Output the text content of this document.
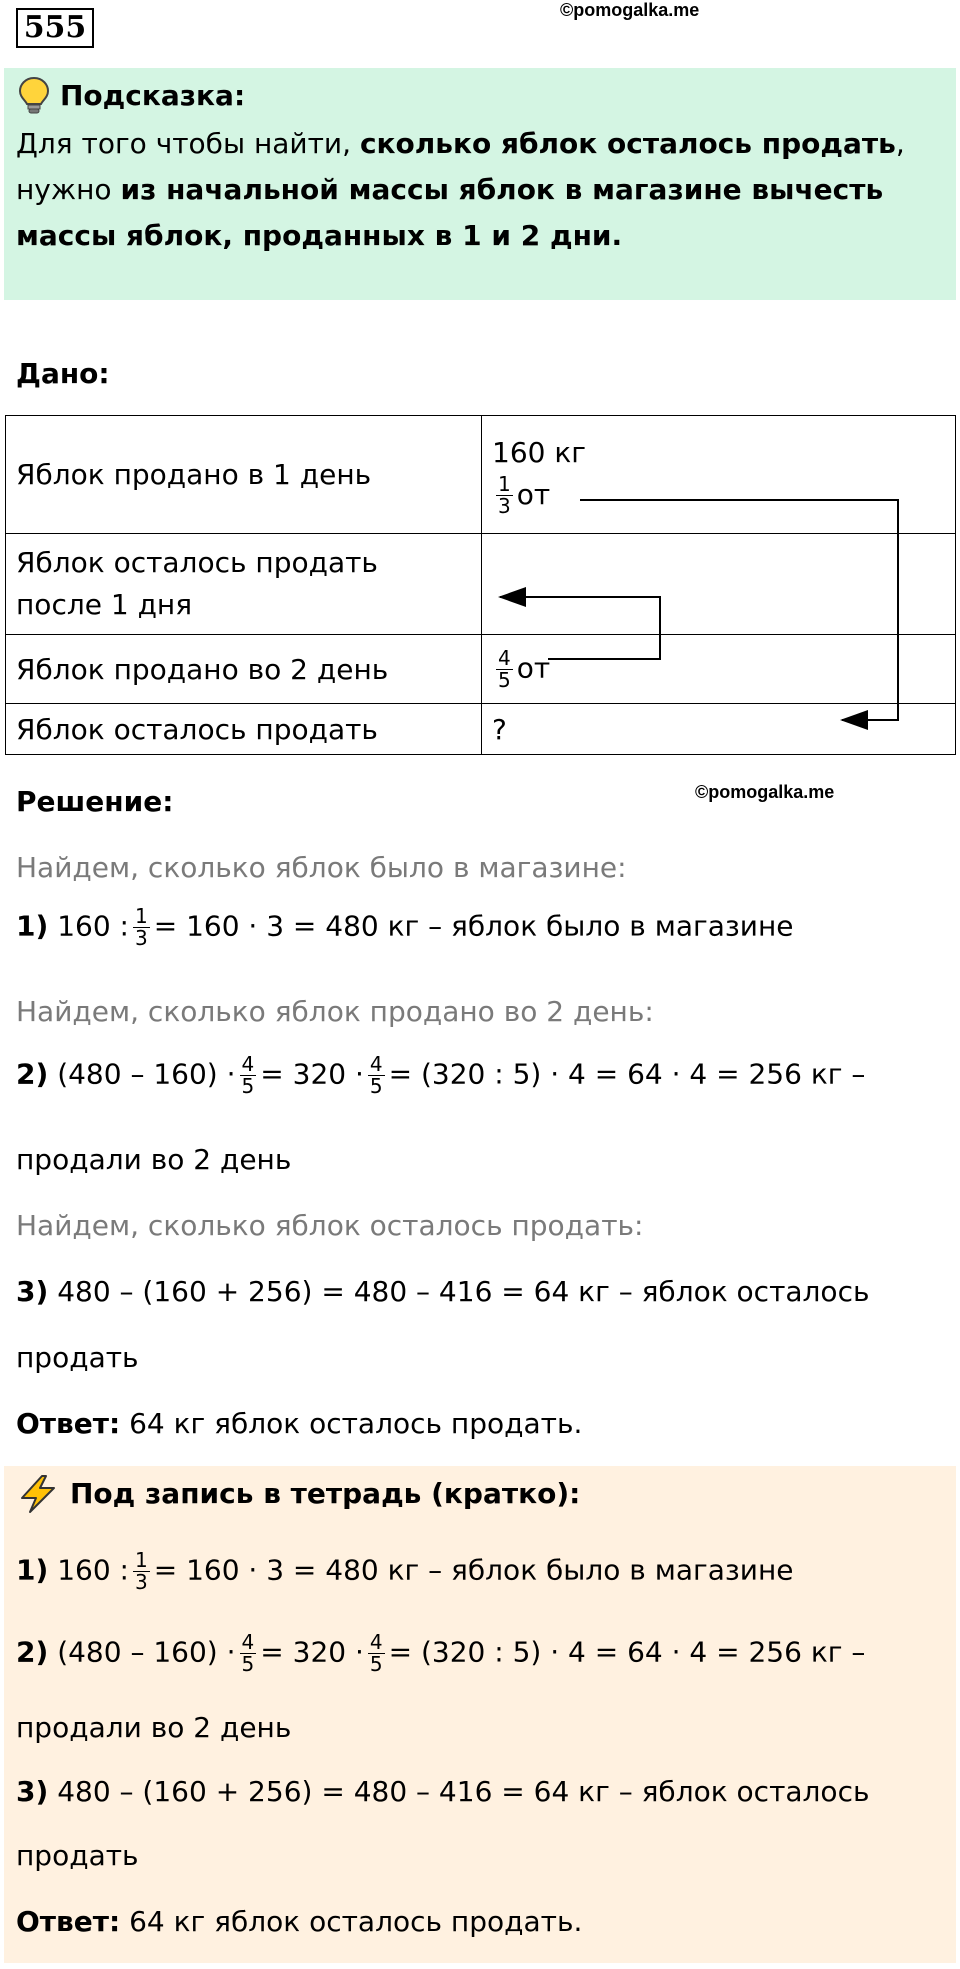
555	©pomogalka.me
Подсказка:
Для того чтобы найти, сколько яблок осталось продать,
нужно из начальной массы яблок в магазине вычесть
массы яблок, проданных в 1 и 2 дни.
Дано:
Яблок продано в 1 день	160 кг
$\frac{1}{3}$ от

Яблок осталось продать
после 1 дня	

Яблок продано во 2 день	$\frac{4}{5}$ от
Яблок осталось продать	?
Решение:	©pomogalka.me
Найдем, сколько яблок было в магазине:
1) 160 : $\frac{1}{3} = 160 \cdot 3 = 480$ кг – яблок было в магазине
Найдем, сколько яблок продано во 2 день:
2) $(480 - 160) \cdot \frac{4}{5} = 320 \cdot \frac{4}{5} = (320$ : 5) · 4 = 64 · 4 = 256 кг –
продали во 2 день
Найдем, сколько яблок осталось продать:
3) 480 – (160 + 256) = 480 – 416 = 64 кг – яблок осталось
продать
Ответ: 64 кг яблок осталось продать.
Под запись в тетрадь (кратко):
1) 160 : $\frac{1}{3} = 160 \cdot 3 = 480$ кг – яблок было в магазине
2) $(480 - 160) \cdot \frac{4}{5} = 320 \cdot \frac{4}{5} = (320$ : 5) · 4 = 64 · 4 = 256 кг –
продали во 2 день
3) 480 – (160 + 256) = 480 – 416 = 64 кг – яблок осталось
продать
Ответ: 64 кг яблок осталось продать.
